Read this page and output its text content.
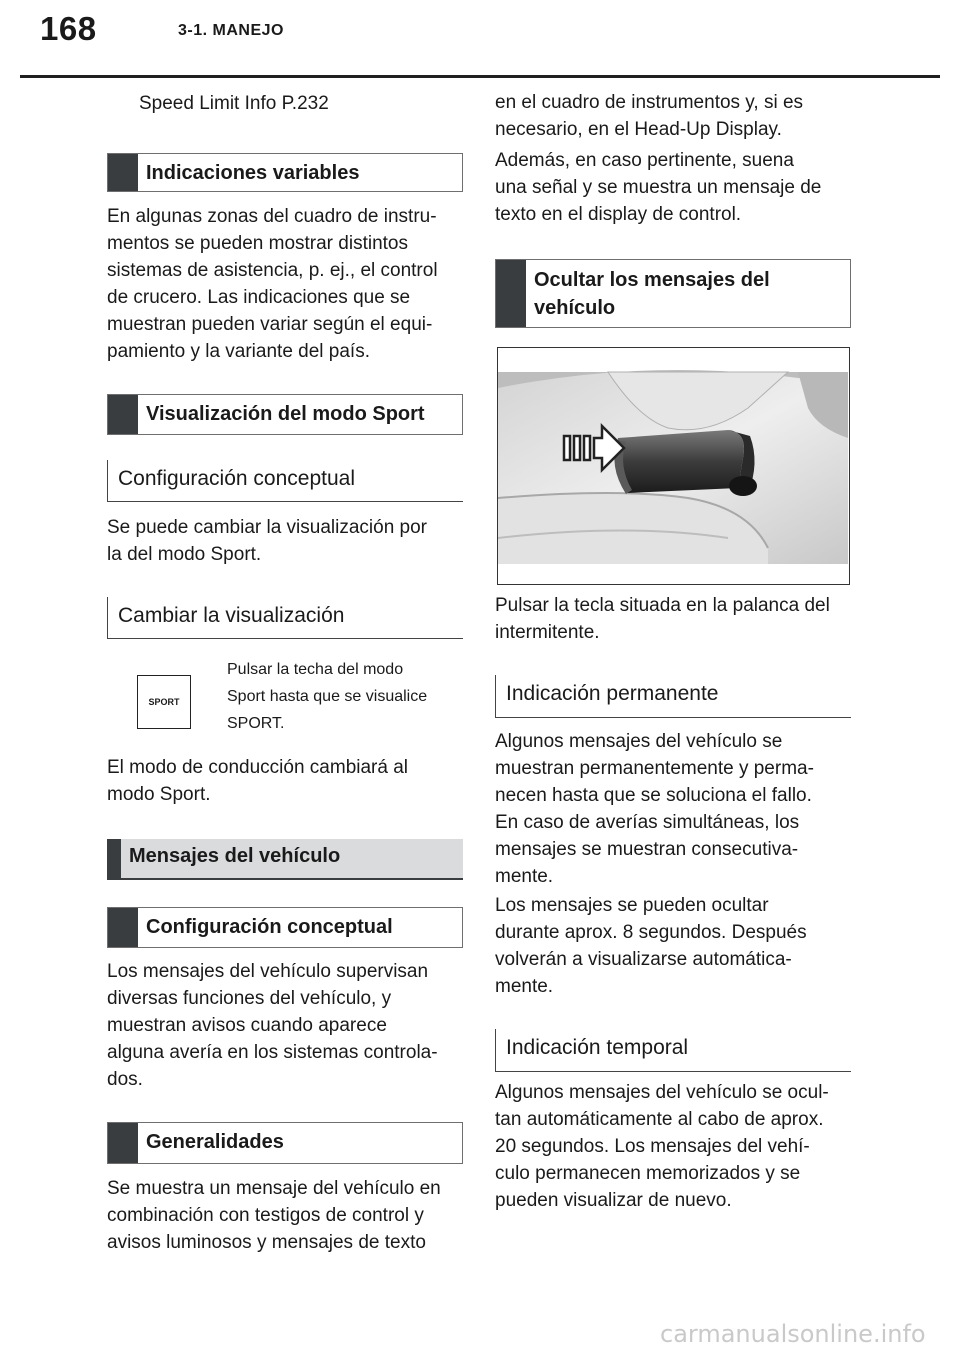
168	3-1. MANEJO
Speed Limit Info P.232
Indicaciones variables
En algunas zonas del cuadro de instru-
mentos se pueden mostrar distintos
sistemas de asistencia, p. ej., el control
de crucero. Las indicaciones que se
muestran pueden variar según el equi-
pamiento y la variante del país.
Visualización del modo Sport
Configuración conceptual
Se puede cambiar la visualización por
la del modo Sport.
Cambiar la visualización
SPORT
Pulsar la techa del modo
Sport hasta que se visualice
SPORT.
El modo de conducción cambiará al
modo Sport.
Mensajes del vehículo
Configuración conceptual
Los mensajes del vehículo supervisan
diversas funciones del vehículo, y
muestran avisos cuando aparece
alguna avería en los sistemas controla-
dos.
Generalidades
Se muestra un mensaje del vehículo en
combinación con testigos de control y
avisos luminosos y mensajes de texto
en el cuadro de instrumentos y, si es
necesario, en el Head-Up Display.
Además, en caso pertinente, suena
una señal y se muestra un mensaje de
texto en el display de control.
Ocultar los mensajes del
vehículo
Pulsar la tecla situada en la palanca del
intermitente.
Indicación permanente
Algunos mensajes del vehículo se
muestran permanentemente y perma-
necen hasta que se soluciona el fallo.
En caso de averías simultáneas, los
mensajes se muestran consecutiva-
mente.
Los mensajes se pueden ocultar
durante aprox. 8 segundos. Después
volverán a visualizarse automática-
mente.
Indicación temporal
Algunos mensajes del vehículo se ocul-
tan automáticamente al cabo de aprox.
20 segundos. Los mensajes del vehí-
culo permanecen memorizados y se
pueden visualizar de nuevo.
carmanualsonline.info
